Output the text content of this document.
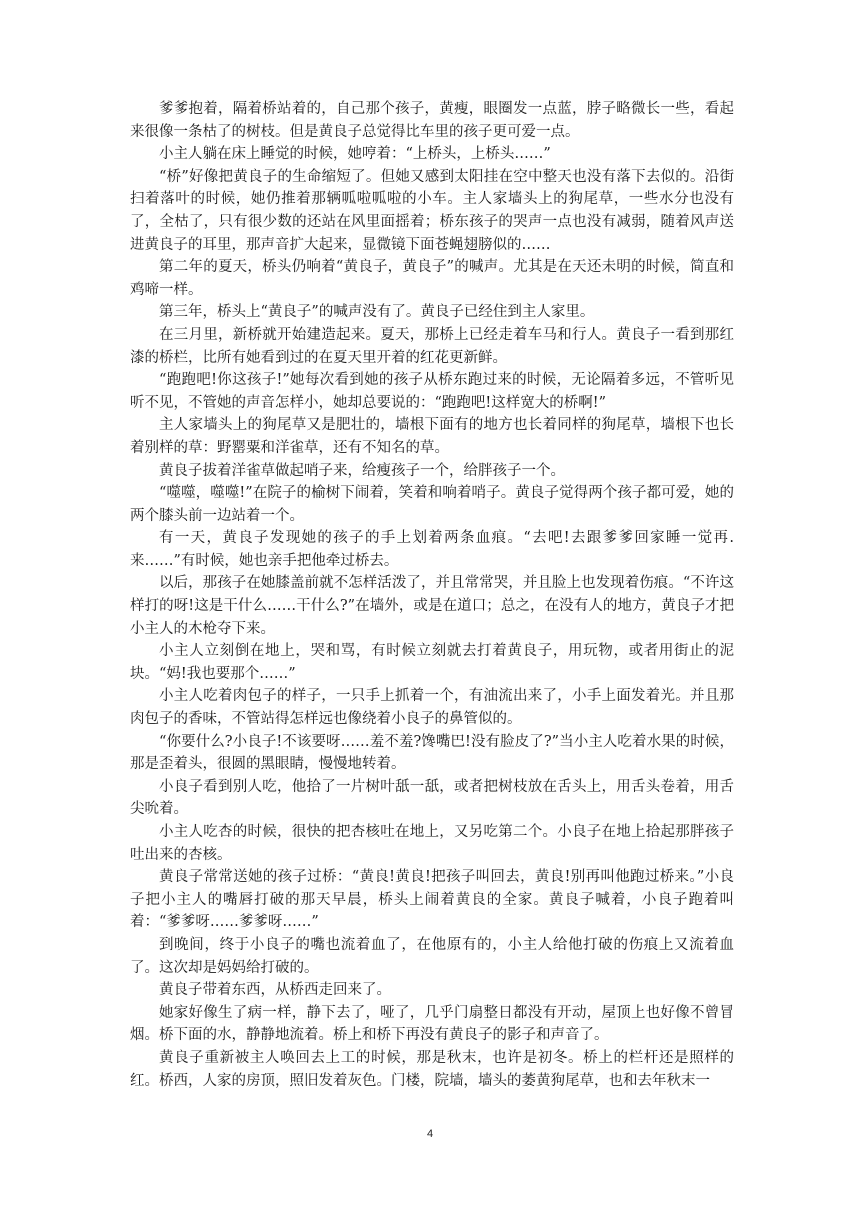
爹爹抱着，隔着桥站着的，自己那个孩子，黄瘦，眼圈发一点蓝，脖子略微长一些，看起来很像一条枯了的树枝。但是黄良子总觉得比车里的孩子更可爱一点。

小主人躺在床上睡觉的时候，她哼着：“上桥头，上桥头……”

“桥”好像把黄良子的生命缩短了。但她又感到太阳挂在空中整天也没有落下去似的。沿街扫着落叶的时候，她仍推着那辆呱啦呱啦的小车。主人家墙头上的狗尾草，一些水分也没有了，全枯了，只有很少数的还站在风里面摇着；桥东孩子的哭声一点也没有减弱，随着风声送进黄良子的耳里，那声音扩大起来，显微镜下面苍蝇翅膀似的……

第二年的夏天，桥头仍响着“黄良子，黄良子”的喊声。尤其是在天还未明的时候，简直和鸡啼一样。

第三年，桥头上“黄良子”的喊声没有了。黄良子已经住到主人家里。

在三月里，新桥就开始建造起来。夏天，那桥上已经走着车马和行人。黄良子一看到那红漆的桥栏，比所有她看到过的在夏天里开着的红花更新鲜。

“跑跑吧!你这孩子!”她每次看到她的孩子从桥东跑过来的时候，无论隔着多远，不管听见听不见，不管她的声音怎样小，她却总要说的：“跑跑吧!这样宽大的桥啊!”

主人家墙头上的狗尾草又是肥壮的，墙根下面有的地方也长着同样的狗尾草，墙根下也长着别样的草：野罂粟和洋雀草，还有不知名的草。

黄良子拔着洋雀草做起哨子来，给瘦孩子一个，给胖孩子一个。

“噬噬，噬噬!”在院子的榆树下闹着，笑着和响着哨子。黄良子觉得两个孩子都可爱，她的两个膝头前一边站着一个。

有一天，黄良子发现她的孩子的手上划着两条血痕。“去吧!去跟爹爹回家睡一觉再.来……”有时候，她也亲手把他牵过桥去。

以后，那孩子在她膝盖前就不怎样活泼了，并且常常哭，并且脸上也发现着伤痕。“不许这样打的呀!这是干什么……干什么?”在墙外，或是在道口；总之，在没有人的地方，黄良子才把小主人的木枪夺下来。

小主人立刻倒在地上，哭和骂，有时候立刻就去打着黄良子，用玩物，或者用街止的泥块。“妈!我也要那个……”

小主人吃着肉包子的样子，一只手上抓着一个，有油流出来了，小手上面发着光。并且那肉包子的香味，不管站得怎样远也像绕着小良子的鼻管似的。

“你要什么?小良子!不该要呀……羞不羞?馋嘴巴!没有脸皮了?”当小主人吃着水果的时候，那是歪着头，很圆的黑眼睛，慢慢地转着。

小良子看到别人吃，他拾了一片树叶舐一舐，或者把树枝放在舌头上，用舌头卷着，用舌尖吮着。

小主人吃杏的时候，很快的把杏核吐在地上，又另吃第二个。小良子在地上拾起那胖孩子吐出来的杏核。

黄良子常常送她的孩子过桥：“黄良!黄良!把孩子叫回去，黄良!别再叫他跑过桥来。”小良子把小主人的嘴唇打破的那天早晨，桥头上闹着黄良的全家。黄良子喊着，小良子跑着叫着：“爹爹呀……爹爹呀……”

到晚间，终于小良子的嘴也流着血了，在他原有的，小主人给他打破的伤痕上又流着血了。这次却是妈妈给打破的。

黄良子带着东西，从桥西走回来了。

她家好像生了病一样，静下去了，哑了，几乎门扇整日都没有开动，屋顶上也好像不曾冒烟。桥下面的水，静静地流着。桥上和桥下再没有黄良子的影子和声音了。

黄良子重新被主人唤回去上工的时候，那是秋末，也许是初冬。桥上的栏杆还是照样的红。桥西，人家的房顶，照旧发着灰色。门楼，院墙，墙头的萎黄狗尾草，也和去年秋末一

4
